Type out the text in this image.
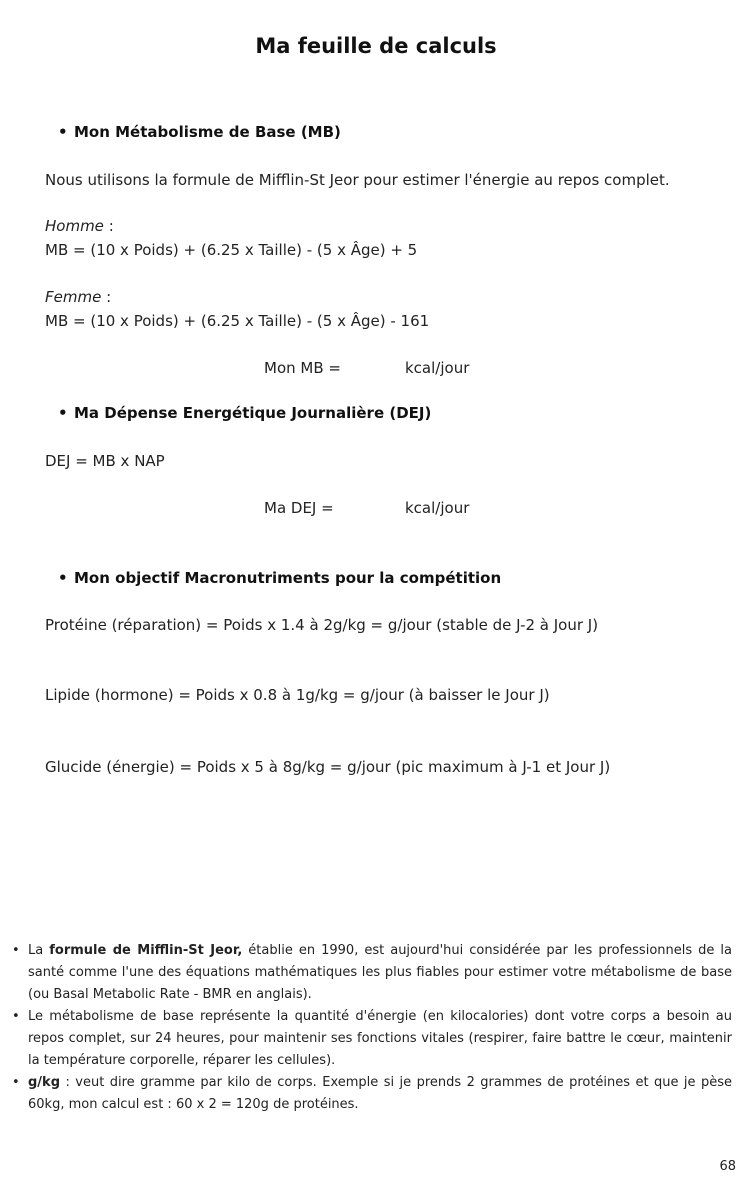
Ma feuille de calculs
• Mon Métabolisme de Base (MB)
Nous utilisons la formule de Mifflin-St Jeor pour estimer l'énergie au repos complet.
Homme :
MB = (10 x Poids) + (6.25 x Taille) - (5 x Âge) + 5
Femme :
MB = (10 x Poids) + (6.25 x Taille) - (5 x Âge) - 161
Mon MB =	kcal/jour
• Ma Dépense Energétique Journalière (DEJ)
DEJ = MB x NAP
Ma DEJ =	kcal/jour
• Mon objectif Macronutriments pour la compétition
Protéine (réparation) = Poids x 1.4 à 2g/kg = g/jour (stable de J-2 à Jour J)
Lipide (hormone) = Poids x 0.8 à 1g/kg = g/jour (à baisser le Jour J)
Glucide (énergie) = Poids x 5 à 8g/kg = g/jour (pic maximum à J-1 et Jour J)
• La formule de Mifflin-St Jeor, établie en 1990, est aujourd'hui considérée par les professionnels de la santé comme l'une des équations mathématiques les plus fiables pour estimer votre métabolisme de base (ou Basal Metabolic Rate - BMR en anglais).
• Le métabolisme de base représente la quantité d'énergie (en kilocalories) dont votre corps a besoin au repos complet, sur 24 heures, pour maintenir ses fonctions vitales (respirer, faire battre le cœur, maintenir la température corporelle, réparer les cellules).
• g/kg : veut dire gramme par kilo de corps. Exemple si je prends 2 grammes de protéines et que je pèse 60kg, mon calcul est : 60 x 2 = 120g de protéines.
68
